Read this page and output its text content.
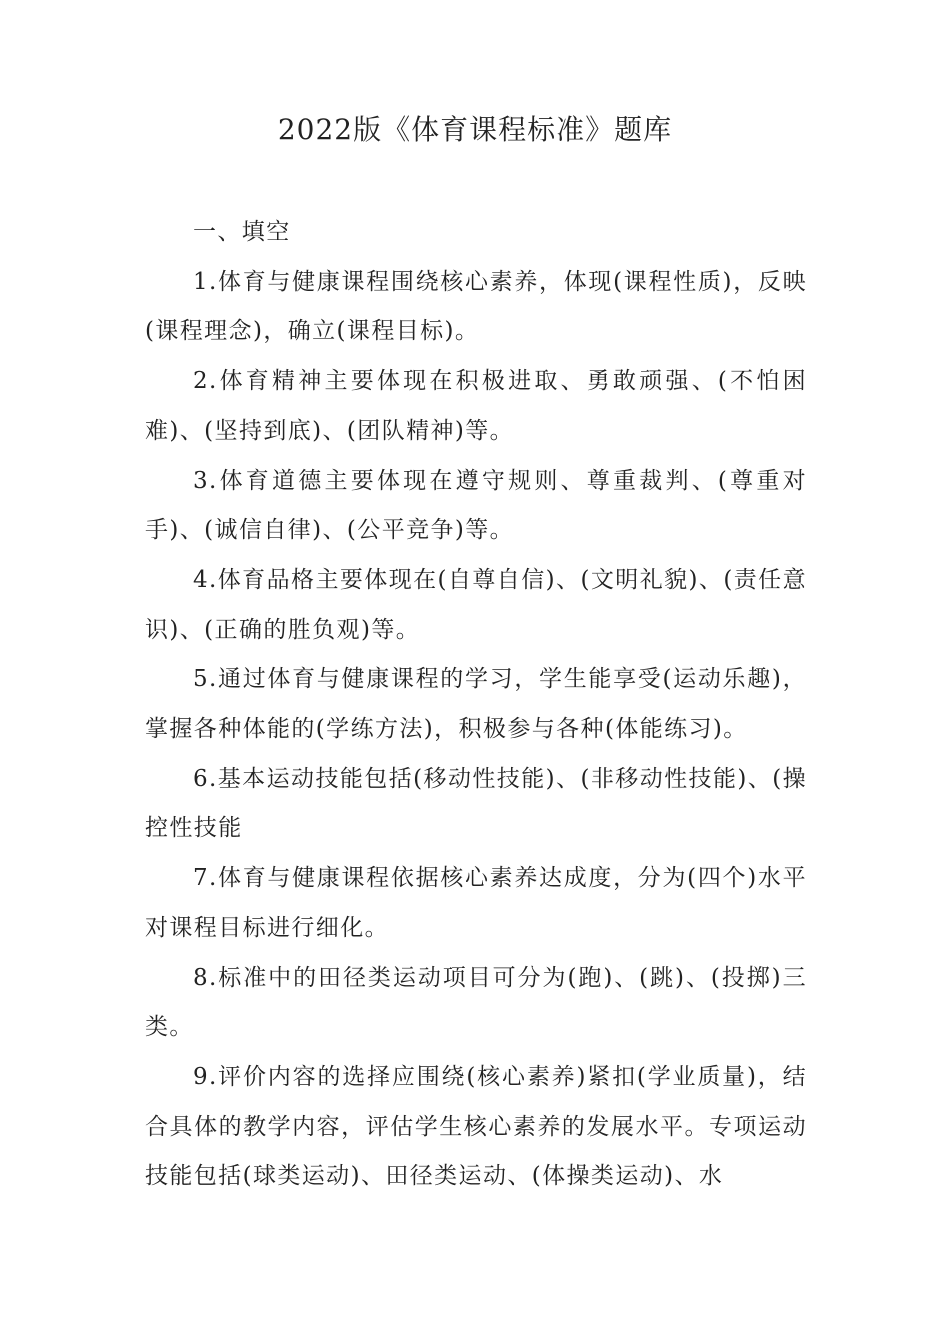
2022版《体育课程标准》题库
一、填空

1.体育与健康课程围绕核心素养，体现(课程性质)，反映(课程理念)，确立(课程目标)。

2.体育精神主要体现在积极进取、勇敢顽强、(不怕困难)、(坚持到底)、(团队精神)等。

3.体育道德主要体现在遵守规则、尊重裁判、(尊重对手)、(诚信自律)、(公平竞争)等。

4.体育品格主要体现在(自尊自信)、(文明礼貌)、(责任意识)、(正确的胜负观)等。

5.通过体育与健康课程的学习，学生能享受(运动乐趣)，掌握各种体能的(学练方法)，积极参与各种(体能练习)。

6.基本运动技能包括(移动性技能)、(非移动性技能)、(操控性技能

7.体育与健康课程依据核心素养达成度，分为(四个)水平对课程目标进行细化。

8.标准中的田径类运动项目可分为(跑)、(跳)、(投掷)三类。

9.评价内容的选择应围绕(核心素养)紧扣(学业质量)，结合具体的教学内容，评估学生核心素养的发展水平。专项运动技能包括(球类运动)、田径类运动、(体操类运动)、水
